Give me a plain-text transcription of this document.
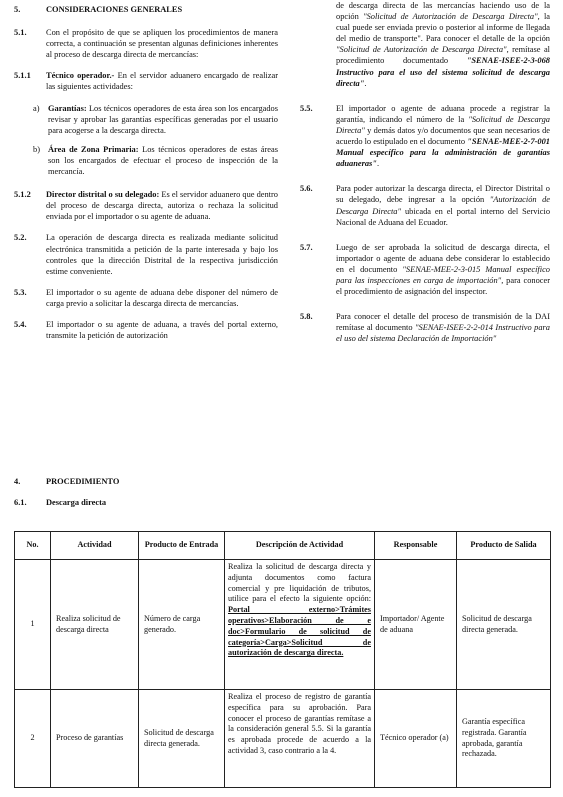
5.	CONSIDERACIONES GENERALES
5.1.	Con el propósito de que se apliquen los procedimientos de manera correcta, a continuación se presentan algunas definiciones inherentes al proceso de descarga directa de mercancías:
5.1.1	Técnico operador.- En el servidor aduanero encargado de realizar las siguientes actividades:
a)	Garantías: Los técnicos operadores de esta área son los encargados revisar y aprobar las garantías específicas generadas por el usuario para acogerse a la descarga directa.
b) Área de Zona Primaria: Los técnicos operadores de estas áreas son los encargados de efectuar el proceso de inspección de la mercancía.
5.1.2	Director distrital o su delegado: Es el servidor aduanero que dentro del proceso de descarga directa, autoriza o rechaza la solicitud enviada por el importador o su agente de aduana.
5.2.	La operación de descarga directa es realizada mediante solicitud electrónica transmitida a petición de la parte interesada y bajo los controles que la dirección Distrital de la respectiva jurisdicción estime conveniente.
5.3.	El importador o su agente de aduana debe disponer del número de carga previo a solicitar la descarga directa de mercancías.
5.4.	El importador o su agente de aduana, a través del portal externo, transmite la petición de autorización
de descarga directa de las mercancías haciendo uso de la opción "Solicitud de Autorización de Descarga Directa", la cual puede ser enviada previo o posterior al informe de llegada del medio de transporte". Para conocer el detalle de la opción "Solicitud de Autorización de Descarga Directa", remítase al procedimiento documentado "SENAE-ISEE-2-3-068 Instructivo para el uso del sistema solicitud de descarga directa".
5.5.	El importador o agente de aduana procede a registrar la garantía, indicando el número de la "Solicitud de Descarga Directa" y demás datos y/o documentos que sean necesarios de acuerdo lo estipulado en el documento "SENAE-MEE-2-7-001 Manual específico para la administración de garantías aduaneras".
5.6.	Para poder autorizar la descarga directa, el Director Distrital o su delegado, debe ingresar a la opción "Autorización de Descarga Directa" ubicada en el portal interno del Servicio Nacional de Aduana del Ecuador.
5.7.	Luego de ser aprobada la solicitud de descarga directa, el importador o agente de aduana debe considerar lo establecido en el documento "SENAE-MEE-2-3-015 Manual específico para las inspecciones en carga de importación", para conocer el procedimiento de asignación del inspector.
5.8.	Para conocer el detalle del proceso de transmisión de la DAI remítase al documento "SENAE-ISEE-2-2-014 Instructivo para el uso del sistema Declaración de Importación"
4.	PROCEDIMIENTO
6.1.	Descarga directa
No.	Actividad	Producto de Entrada	Descripción de Actividad	Responsable	Producto de Salida
1	Realiza solicitud de descarga directa	Número de carga generado.	Realiza la solicitud de descarga directa y adjunta documentos como factura comercial y pre liquidación de tributos, utilice para el efecto la siguiente opción: Portal externo>Trámites operativos>Elaboración de e doc>Formulario de solicitud de categoría>Carga>Solicitud de autorización de descarga directa.	Importador/ Agente de aduana	Solicitud de descarga directa generada.
2	Proceso de garantías	Solicitud de descarga directa generada.	Realiza el proceso de registro de garantía específica para su aprobación. Para conocer el proceso de garantías remítase a la consideración general 5.5. Si la garantía es aprobada procede de acuerdo a la actividad 3, caso contrario a la 4.	Técnico operador (a)	Garantía específica registrada. Garantía aprobada, garantía rechazada.
